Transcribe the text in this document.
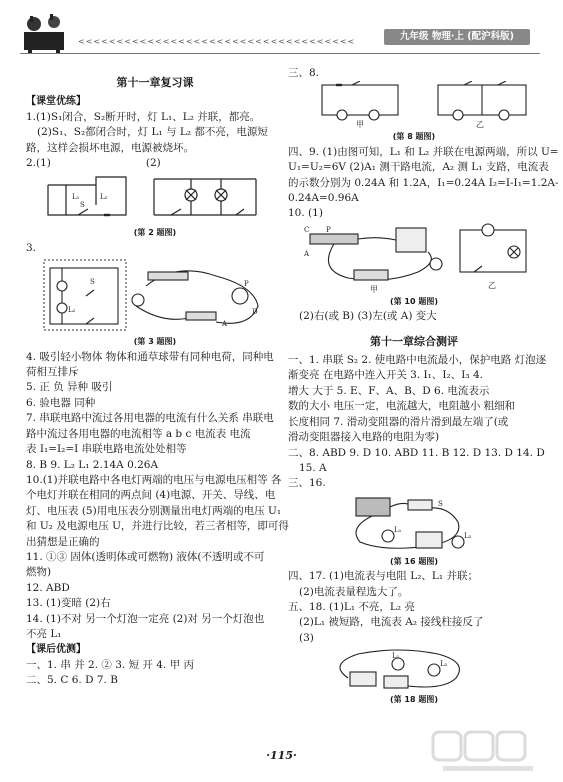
<<<<<<<<<<<<<<<<<<<<<<<<<<<<<<<<<<<<	九年级 物理·上 (配沪科版)
第十一章复习课
【课堂优练】
1.(1)S₁闭合，S₂断开时，灯 L₁、L₂ 并联，都亮。
(2)S₁、S₂都闭合时，灯 L₁ 与 L₂ 都不亮，电源短
路，这样会损坏电源，电源被烧坏。
2.(1)	(2)
L₁	L₂
S
(第 2 题图)
3.
S
L₂
P
D
A
(第 3 题图)
4. 吸引轻小物体 物体和通草球带有同种电荷，同种电
荷相互排斥
5. 正 负 异种 吸引
6. 验电器 同种
7. 串联电路中流过各用电器的电流有什么关系 串联电
路中流过各用电器的电流相等 a b c 电流表 电流
表 I₁=I₂=I 串联电路电流处处相等
8. B 9. L₂ L₁ 2.14A 0.26A
10.(1)并联电路中各电灯两端的电压与电源电压相等 各
个电灯并联在相同的两点间 (4)电源、开关、导线、电
灯、电压表 (5)用电压表分别测量出电灯两端的电压 U₁
和 U₂ 及电源电压 U，并进行比较，若三者相等，即可得
出猜想是正确的
11. ①③ 固体(透明体或可燃物) 液体(不透明或不可
燃物)
12. ABD
13. (1)变暗 (2)右
14. (1)不对 另一个灯泡一定亮 (2)对 另一个灯泡也
不亮 L₁
【课后优测】
一、1. 串 并 2. ② 3. 短 开 4. 甲 丙
二、5. C 6. D 7. B
三、8.
甲	乙
(第 8 题图)
四、9. (1)由图可知，L₁ 和 L₂ 并联在电源两端，所以 U=
U₁=U₂=6V (2)A₁ 测干路电流，A₂ 测 L₁ 支路，电流表
的示数分别为 0.24A 和 1.2A，I₁=0.24A I₂=I-I₁=1.2A-
0.24A=0.96A
10. (1)
C P
A
甲	乙
(第 10 题图)
(2)右(或 B) (3)左(或 A) 变大
第十一章综合测评
一、1. 串联 S₂ 2. 使电路中电流最小，保护电路 灯泡逐
渐变亮 在电路中连入开关 3. I₁、I₂、I₃ 4.
增大 大于 5. E、F、A、B、D 6. 电流表示
数的大小 电压一定，电流越大，电阻越小 粗细和
长度相同 7. 滑动变阻器的滑片滑到最左端了(或
滑动变阻器接入电路的电阻为零)
二、8. ABD 9. D 10. ABD 11. B 12. D 13. D 14. D
15. A
三、16.
S
L₁
L₂
(第 16 题图)
四、17. (1)电流表与电阻 L₂、L₁ 并联；
(2)电流表量程选大了。
五、18. (1)L₁ 不亮，L₂ 亮
(2)L₁ 被短路，电流表 A₂ 接线柱接反了
(3)
L₁
L₂
(第 18 题图)
·115·
